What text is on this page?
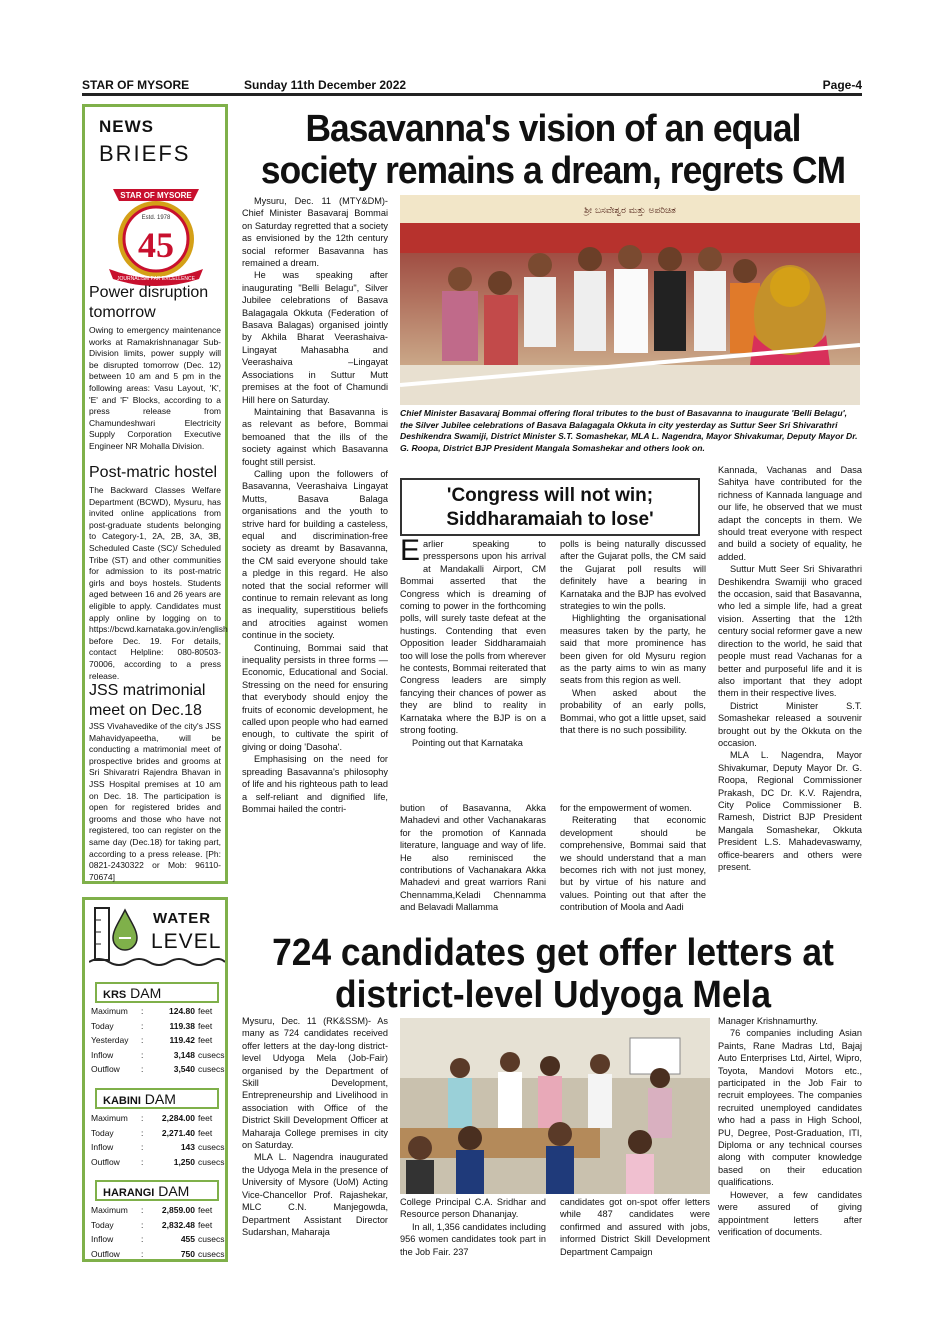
STAR OF MYSORE	Sunday 11th December 2022	Page-4
NEWS
BRIEFS
STAR OF MYSORE
Estd. 1978
45
JOURNALISM PAR EXCELLENCE
Power disruption tomorrow
Owing to emergency maintenance works at Ramakrishnanagar Sub-Division limits, power supply will be disrupted tomorrow (Dec. 12) between 10 am and 5 pm in the following areas: Vasu Layout, 'K', 'E' and 'F' Blocks, according to a press release from Chamundeshwari Electricity Supply Corporation Executive Engineer NR Mohalla Division.
Post-matric hostel
The Backward Classes Welfare Department (BCWD), Mysuru, has invited online applications from post-graduate students belonging to Category-1, 2A, 2B, 3A, 3B, Scheduled Caste (SC)/ Scheduled Tribe (ST) and other communities for admission to its post-matric girls and boys hostels. Students aged between 16 and 26 years are eligible to apply. Candidates must apply online by logging on to https://bcwd.karnataka.gov.in/english before Dec. 19. For details, contact Helpline: 080-80503-70006, according to a press release.
JSS matrimonial meet on Dec.18
JSS Vivahavedike of the city's JSS Mahavidyapeetha, will be conducting a matrimonial meet of prospective brides and grooms at Sri Shivaratri Rajendra Bhavan in JSS Hospital premises at 10 am on Dec. 18. The participation is open for registered brides and grooms and those who have not registered, too can register on the same day (Dec.18) for taking part, according to a press release. [Ph: 0821-2430322 or Mob: 96110-70674]
WATER
LEVEL
KRS DAM
Maximum :	124.80 feet
Today	:	119.38 feet
Yesterday :	119.42 feet
Inflow	:	3,148 cusecs
Outflow :	3,540 cusecs
KABINI DAM
Maximum :	2,284.00 feet
Today	:	2,271.40 feet
Inflow	:	143 cusecs
Outflow :	1,250 cusecs
HARANGI DAM
Maximum :	2,859.00 feet
Today	:	2,832.48 feet
Inflow	:	455 cusecs
Outflow :	750 cusecs
Basavanna's vision of an equal society remains a dream, regrets CM

Mysuru, Dec. 11 (MTY&DM)- Chief Minister Basavaraj Bommai on Saturday regretted that a society as envisioned by the 12th century social reformer Basavanna has remained a dream.

He was speaking after inaugurating "Belli Belagu", Silver Jubilee celebrations of Basava Balagagala Okkuta (Federation of Basava Balagas) organised jointly by Akhila Bharat Veerashaiva-Lingayat Mahasabha and Veerashaiva –Lingayat Associations in Suttur Mutt premises at the foot of Chamundi Hill here on Saturday.

Maintaining that Basavanna is as relevant as before, Bommai bemoaned that the ills of the society against which Basavanna fought still persist.

Calling upon the followers of Basavanna, Veerashaiva Lingayat Mutts, Basava Balaga organisations and the youth to strive hard for building a casteless, equal and discrimination-free society as dreamt by Basavanna, the CM said everyone should take a pledge in this regard. He also noted that the social reformer will continue to remain relevant as long as inequality, superstitious beliefs and atrocities against women continue in the society.

Continuing, Bommai said that inequality persists in three forms — Economic, Educational and Social. Stressing on the need for ensuring that everybody should enjoy the fruits of economic development, he called upon people who had earned enough, to cultivate the spirit of giving or doing 'Dasoha'.

Emphasising on the need for spreading Basavanna's philosophy of life and his righteous path to lead a self-reliant and dignified life, Bommai hailed the contri-

ಶ್ರೀ ಬಸವೇಶ್ವರ ಮತ್ತು ಅಪರಿಚಿತ
Chief Minister Basavaraj Bommai offering floral tributes to the bust of Basavanna to inaugurate 'Belli Belagu', the Silver Jubilee celebrations of Basava Balagagala Okkuta in city yesterday as Suttur Seer Sri Shivarathri Deshikendra Swamiji, District Minister S.T. Somashekar, MLA L. Nagendra, Mayor Shivakumar, Deputy Mayor Dr. G. Roopa, District BJP President Mangala Somashekar and others look on.
'Congress will not win; Siddharamaiah to lose'

Earlier speaking to presspersons upon his arrival at Mandakalli Airport, CM Bommai asserted that the Congress which is dreaming of coming to power in the forthcoming polls, will surely taste defeat at the hustings. Contending that even Opposition leader Siddharamaiah too will lose the polls from wherever he contests, Bommai reiterated that Congress leaders are simply fancying their chances of power as they are blind to reality in Karnataka where the BJP is on a strong footing.

Pointing out that Karnataka

polls is being naturally discussed after the Gujarat polls, the CM said the Gujarat poll results will definitely have a bearing in Karnataka and the BJP has evolved strategies to win the polls.

Highlighting the organisational measures taken by the party, he said that more prominence has been given for old Mysuru region as the party aims to win as many seats from this region as well.

When asked about the probability of an early polls, Bommai, who got a little upset, said that there is no such possibility.

bution of Basavanna, Akka Mahadevi and other Vachanakaras for the promotion of Kannada literature, language and way of life. He also reminisced the contributions of Vachanakara Akka Mahadevi and great warriors Rani Chennamma,Keladi Chennamma and Belavadi Mallamma

for the empowerment of women.

Reiterating that economic development should be comprehensive, Bommai said that we should understand that a man becomes rich with not just money, but by virtue of his nature and values. Pointing out that after the contribution of Moola and Aadi

Kannada, Vachanas and Dasa Sahitya have contributed for the richness of Kannada language and our life, he observed that we must adapt the concepts in them. We should treat everyone with respect and build a society of equality, he added.

Suttur Mutt Seer Sri Shivarathri Deshikendra Swamiji who graced the occasion, said that Basavanna, who led a simple life, had a great vision. Asserting that the 12th century social reformer gave a new direction to the world, he said that people must read Vachanas for a better and purposeful life and it is also important that they adopt them in their respective lives.

District Minister S.T. Somashekar released a souvenir brought out by the Okkuta on the occasion.

MLA L. Nagendra, Mayor Shivakumar, Deputy Mayor Dr. G. Roopa, Regional Commissioner Prakash, DC Dr. K.V. Rajendra, City Police Commissioner B. Ramesh, District BJP President Mangala Somashekar, Okkuta President L.S. Mahadevaswamy, office-bearers and others were present.

724 candidates get offer letters at district-level Udyoga Mela

Mysuru, Dec. 11 (RK&SSM)- As many as 724 candidates received offer letters at the day-long district-level Udyoga Mela (Job-Fair) organised by the Department of Skill Development, Entrepreneurship and Livelihood in association with Office of the District Skill Development Officer at Maharaja College premises in city on Saturday.

MLA L. Nagendra inaugurated the Udyoga Mela in the presence of University of Mysore (UoM) Acting Vice-Chancellor Prof. Rajashekar, MLC C.N. Manjegowda, Department Assistant Director Sudarshan, Maharaja

College Principal C.A. Sridhar and Resource person Dhananjay.

In all, 1,356 candidates including 956 women candidates took part in the Job Fair. 237

candidates got on-spot offer letters while 487 candidates were confirmed and assured with jobs, informed District Skill Development Department Campaign

Manager Krishnamurthy.

76 companies including Asian Paints, Rane Madras Ltd, Bajaj Auto Enterprises Ltd, Airtel, Wipro, Toyota, Mandovi Motors etc., participated in the Job Fair to recruit employees. The companies recruited unemployed candidates who had a pass in High School, PU, Degree, Post-Graduation, ITI, Diploma or any technical courses along with computer knowledge based on their education qualifications.

However, a few candidates were assured of giving appointment letters after verification of documents.
